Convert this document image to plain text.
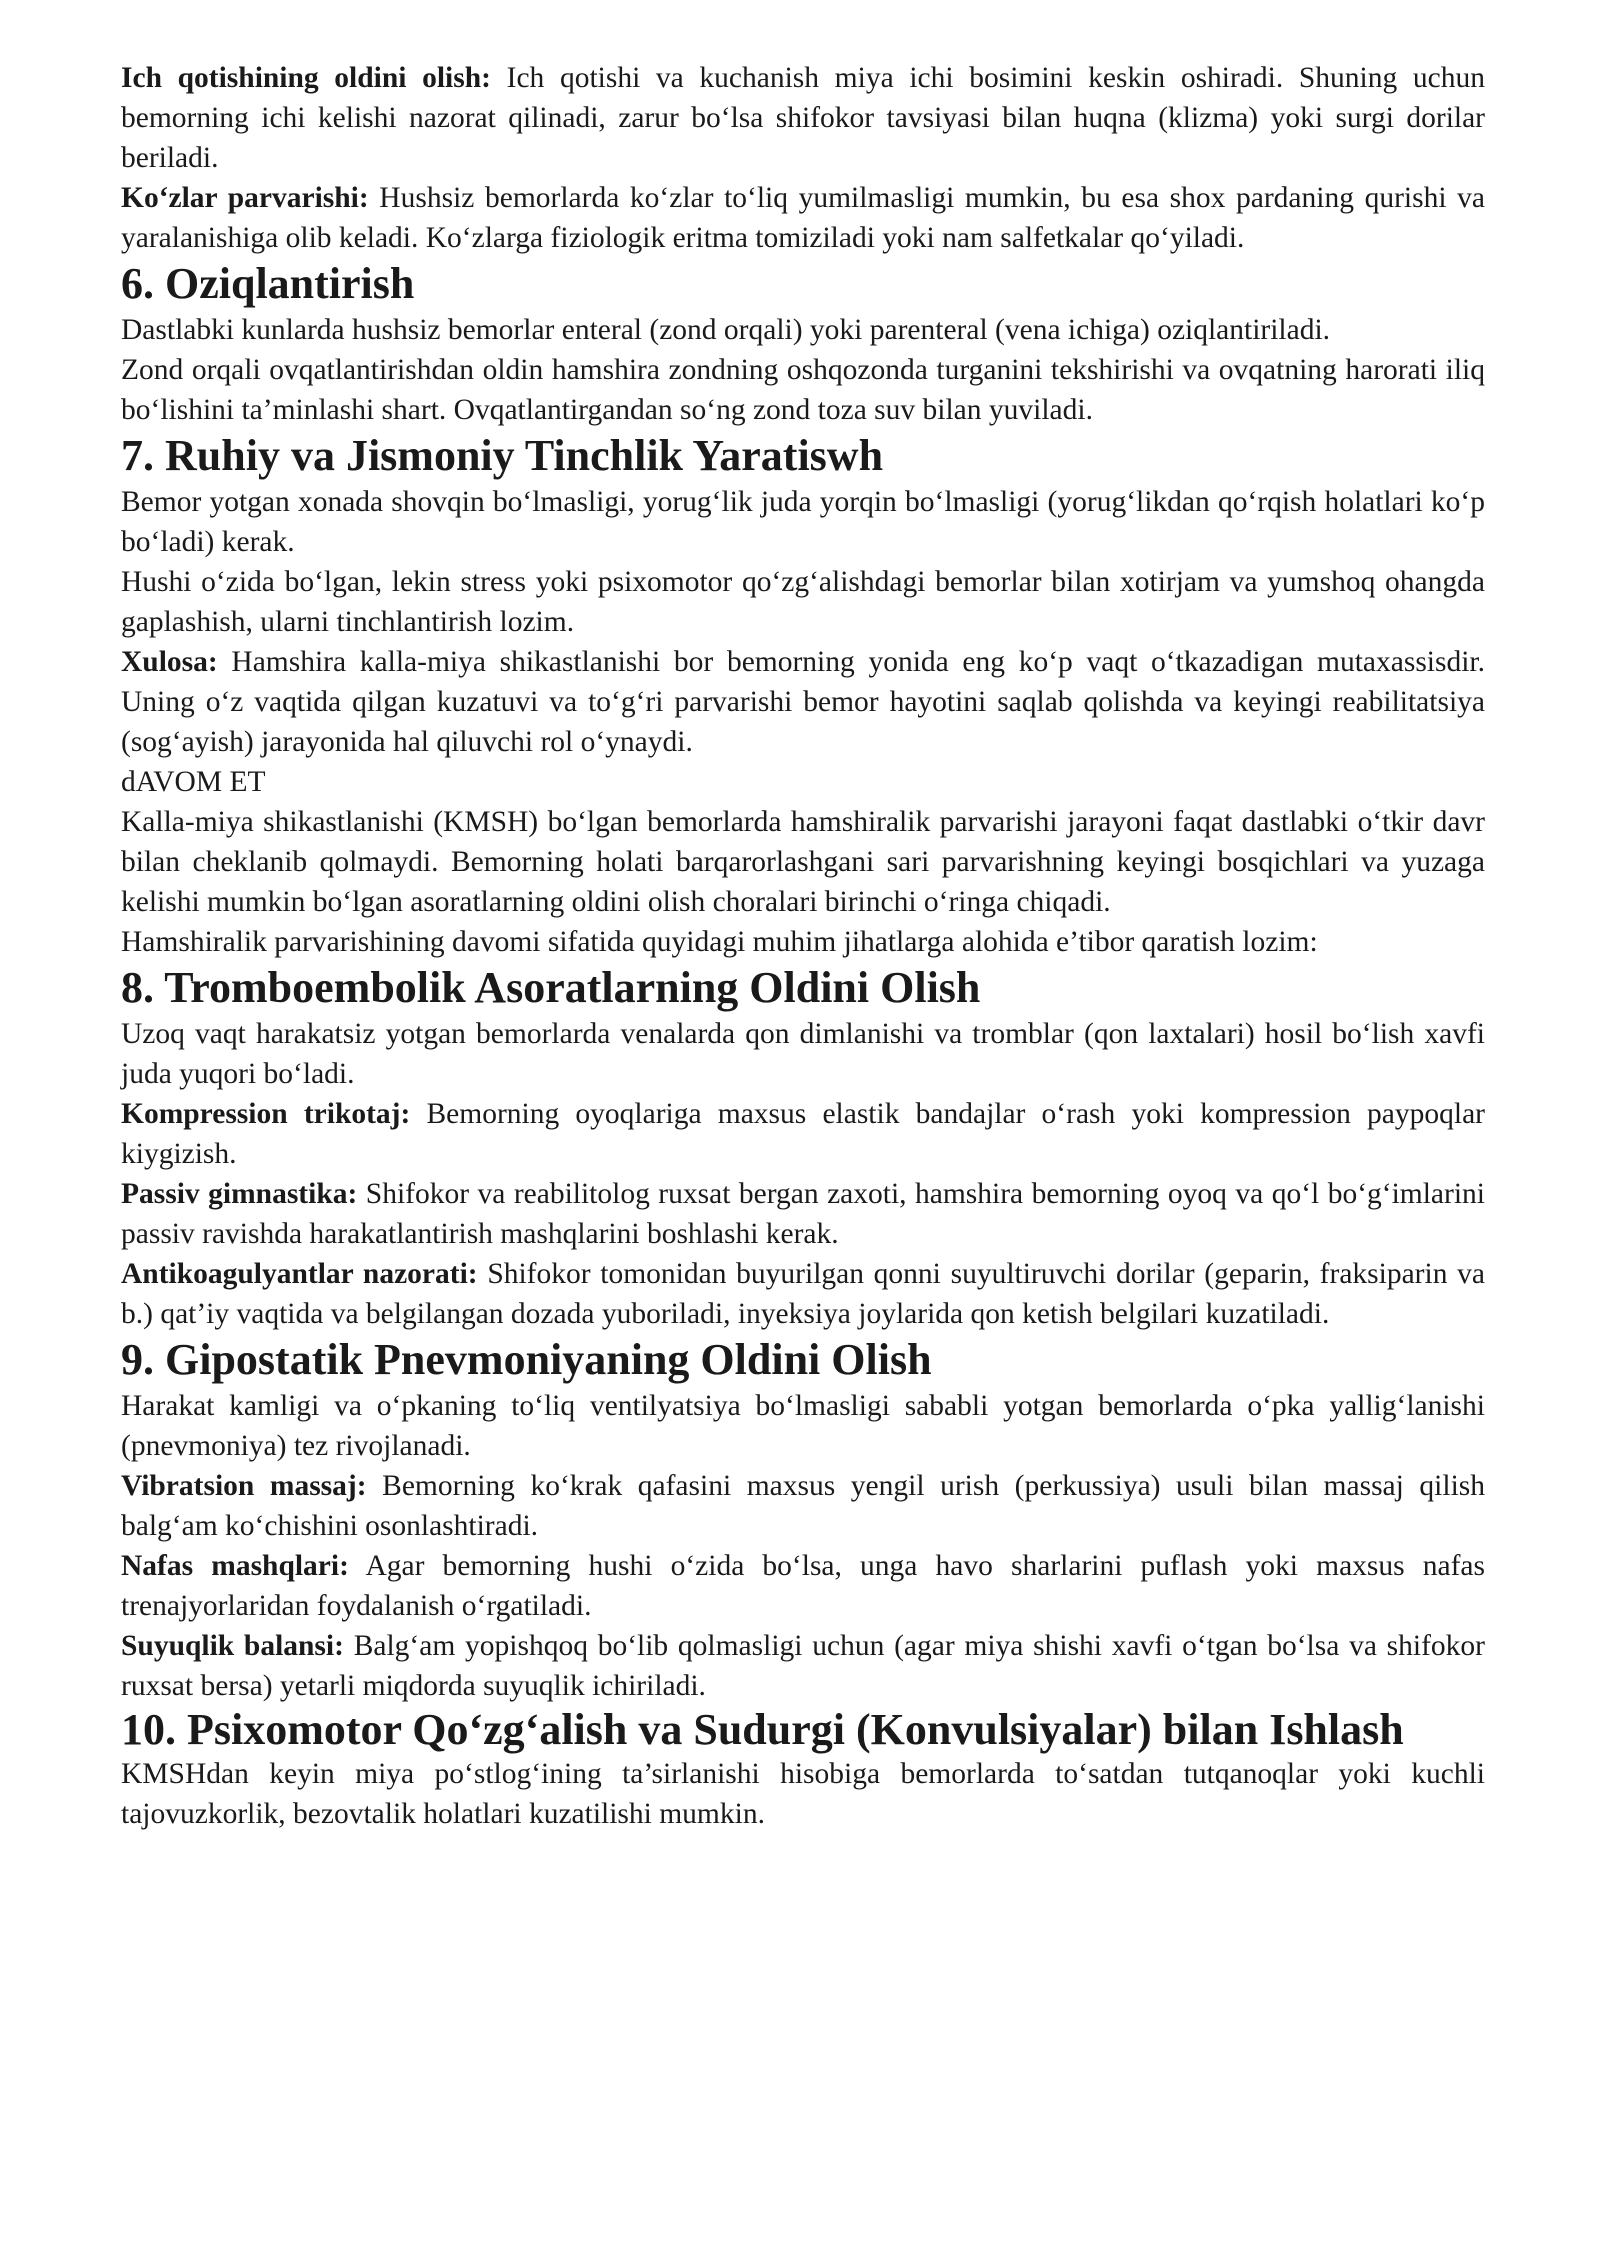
Ich qotishining oldini olish: Ich qotishi va kuchanish miya ichi bosimini keskin oshiradi. Shuning uchun bemorning ichi kelishi nazorat qilinadi, zarur bo‘lsa shifokor tavsiyasi bilan huqna (klizma) yoki surgi dorilar beriladi.

Ko‘zlar parvarishi: Hushsiz bemorlarda ko‘zlar to‘liq yumilmasligi mumkin, bu esa shox pardaning qurishi va yaralanishiga olib keladi. Ko‘zlarga fiziologik eritma tomiziladi yoki nam salfetkalar qo‘yiladi.

6. Oziqlantirish

Dastlabki kunlarda hushsiz bemorlar enteral (zond orqali) yoki parenteral (vena ichiga) oziqlantiriladi.

Zond orqali ovqatlantirishdan oldin hamshira zondning oshqozonda turganini tekshirishi va ovqatning harorati iliq bo‘lishini ta’minlashi shart. Ovqatlantirgandan so‘ng zond toza suv bilan yuviladi.

7. Ruhiy va Jismoniy Tinchlik Yaratiswh

Bemor yotgan xonada shovqin bo‘lmasligi, yorug‘lik juda yorqin bo‘lmasligi (yorug‘likdan qo‘rqish holatlari ko‘p bo‘ladi) kerak.

Hushi o‘zida bo‘lgan, lekin stress yoki psixomotor qo‘zg‘alishdagi bemorlar bilan xotirjam va yumshoq ohangda gaplashish, ularni tinchlantirish lozim.

Xulosa: Hamshira kalla-miya shikastlanishi bor bemorning yonida eng ko‘p vaqt o‘tkazadigan mutaxassisdir. Uning o‘z vaqtida qilgan kuzatuvi va to‘g‘ri parvarishi bemor hayotini saqlab qolishda va keyingi reabilitatsiya (sog‘ayish) jarayonida hal qiluvchi rol o‘ynaydi.

dAVOM ET

Kalla-miya shikastlanishi (KMSH) bo‘lgan bemorlarda hamshiralik parvarishi jarayoni faqat dastlabki o‘tkir davr bilan cheklanib qolmaydi. Bemorning holati barqarorlashgani sari parvarishning keyingi bosqichlari va yuzaga kelishi mumkin bo‘lgan asoratlarning oldini olish choralari birinchi o‘ringa chiqadi.

Hamshiralik parvarishining davomi sifatida quyidagi muhim jihatlarga alohida e’tibor qaratish lozim:

8. Tromboembolik Asoratlarning Oldini Olish

Uzoq vaqt harakatsiz yotgan bemorlarda venalarda qon dimlanishi va tromblar (qon laxtalari) hosil bo‘lish xavfi juda yuqori bo‘ladi.

Kompression trikotaj: Bemorning oyoqlariga maxsus elastik bandajlar o‘rash yoki kompression paypoqlar kiygizish.

Passiv gimnastika: Shifokor va reabilitolog ruxsat bergan zaxoti, hamshira bemorning oyoq va qo‘l bo‘g‘imlarini passiv ravishda harakatlantirish mashqlarini boshlashi kerak.

Antikoagulyantlar nazorati: Shifokor tomonidan buyurilgan qonni suyultiruvchi dorilar (geparin, fraksiparin va b.) qat’iy vaqtida va belgilangan dozada yuboriladi, inyeksiya joylarida qon ketish belgilari kuzatiladi.

9. Gipostatik Pnevmoniyaning Oldini Olish

Harakat kamligi va o‘pkaning to‘liq ventilyatsiya bo‘lmasligi sababli yotgan bemorlarda o‘pka yallig‘lanishi (pnevmoniya) tez rivojlanadi.

Vibratsion massaj: Bemorning ko‘krak qafasini maxsus yengil urish (perkussiya) usuli bilan massaj qilish balg‘am ko‘chishini osonlashtiradi.

Nafas mashqlari: Agar bemorning hushi o‘zida bo‘lsa, unga havo sharlarini puflash yoki maxsus nafas trenajyorlaridan foydalanish o‘rgatiladi.

Suyuqlik balansi: Balg‘am yopishqoq bo‘lib qolmasligi uchun (agar miya shishi xavfi o‘tgan bo‘lsa va shifokor ruxsat bersa) yetarli miqdorda suyuqlik ichiriladi.

10. Psixomotor Qo‘zg‘alish va Sudurgi (Konvulsiyalar) bilan Ishlash

KMSHdan keyin miya po‘stlog‘ining ta’sirlanishi hisobiga bemorlarda to‘satdan tutqanoqlar yoki kuchli tajovuzkorlik, bezovtalik holatlari kuzatilishi mumkin.
